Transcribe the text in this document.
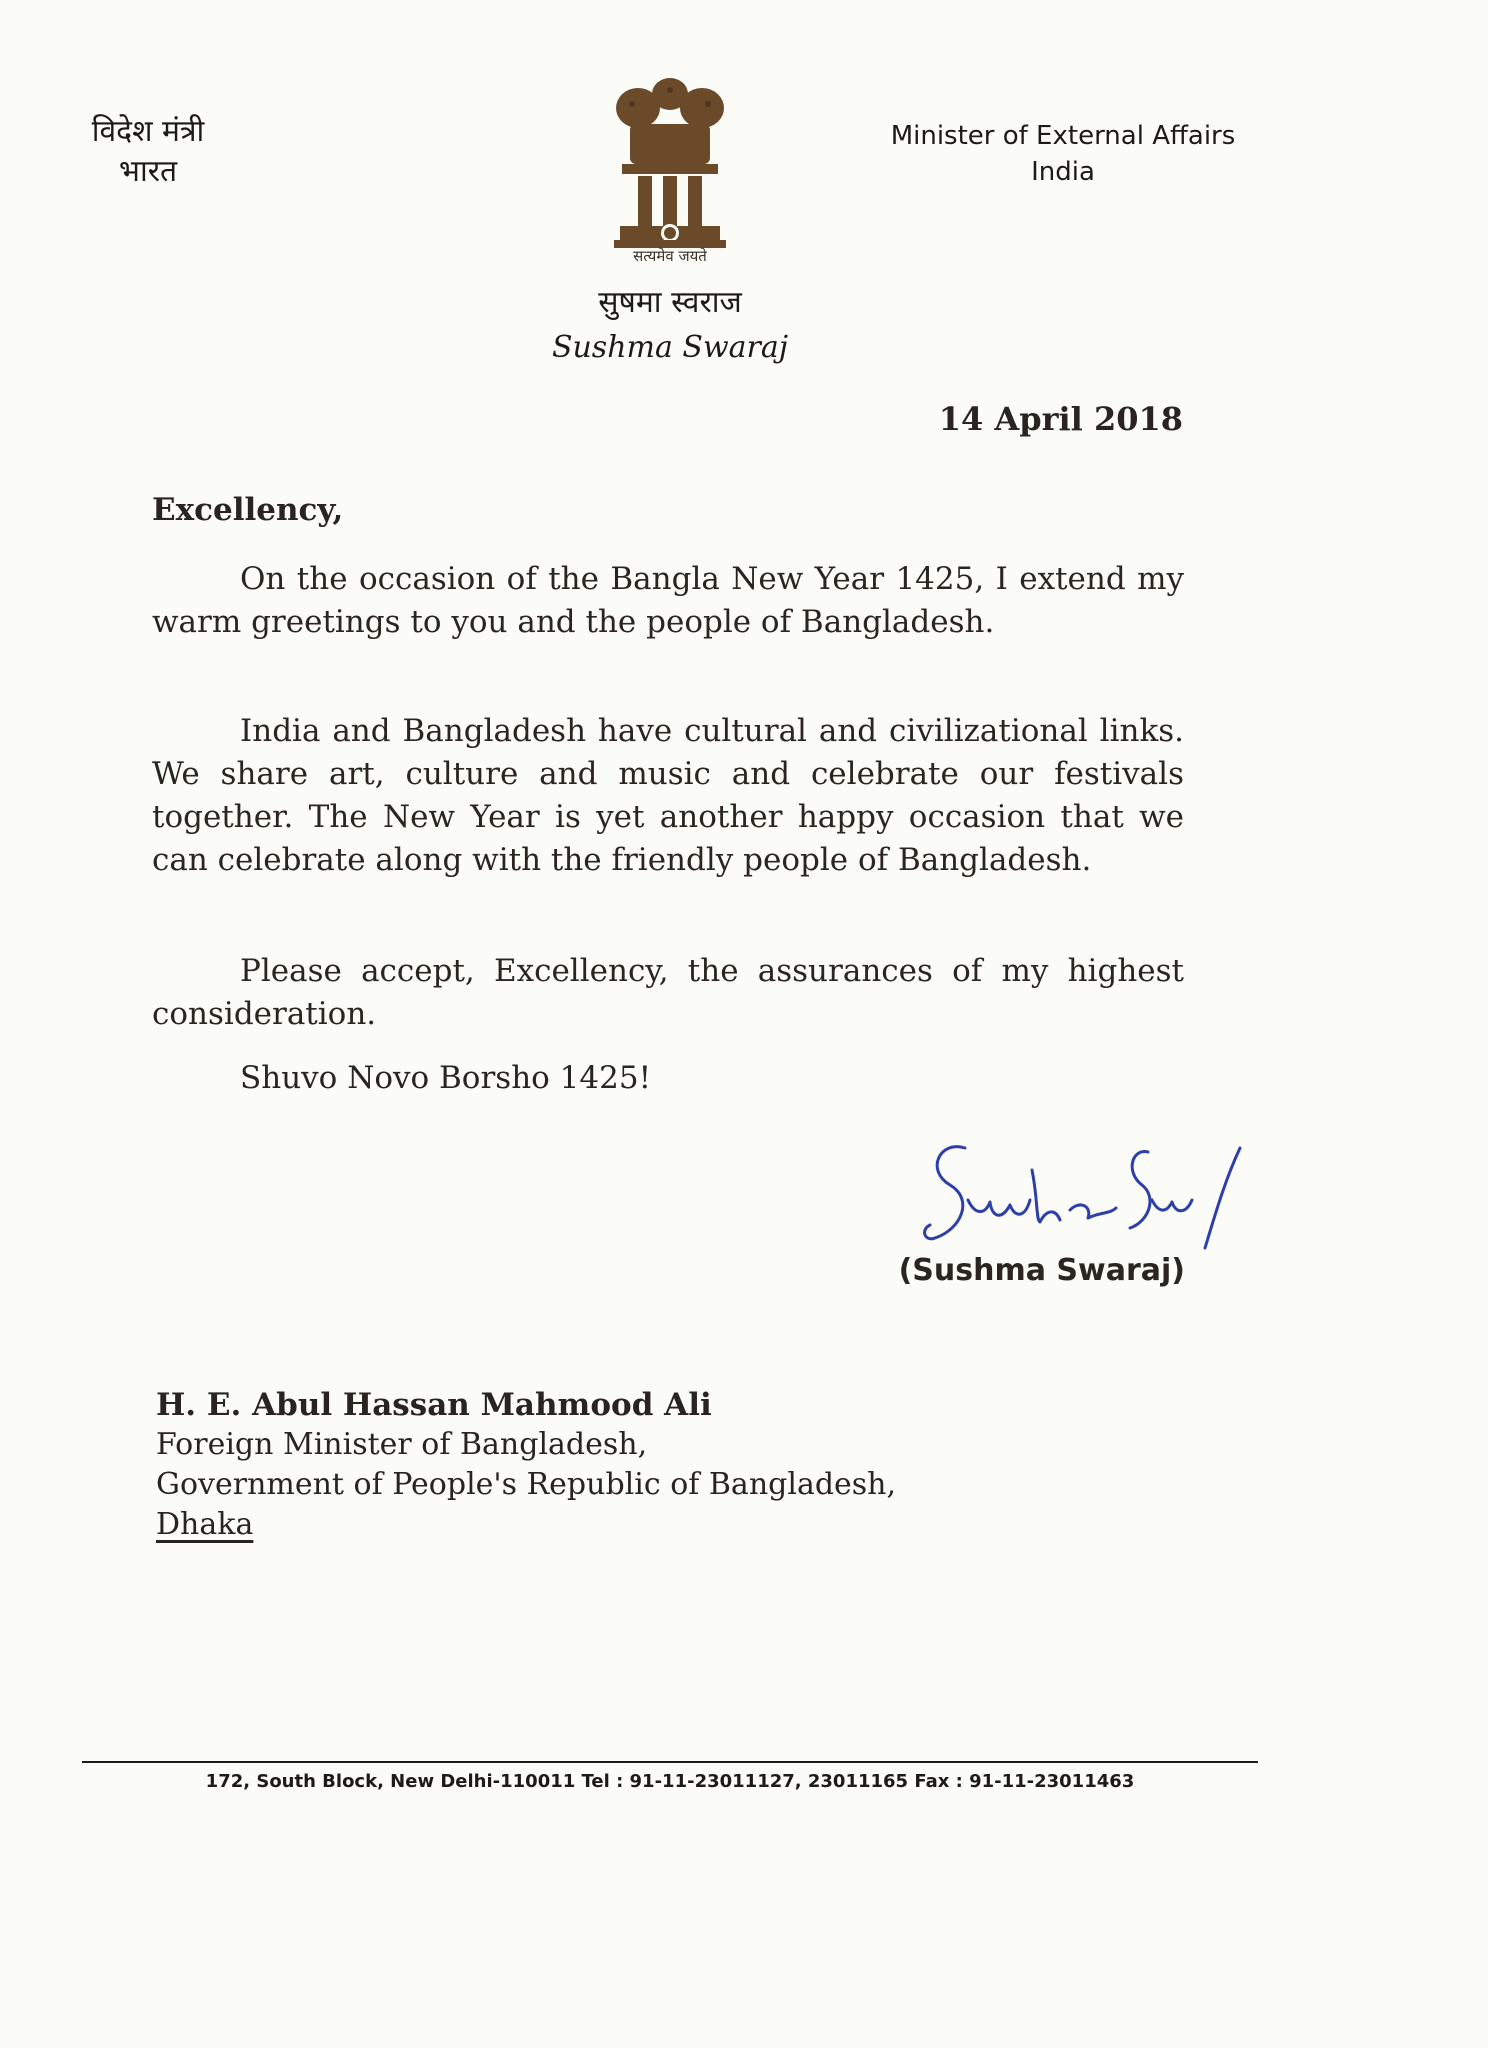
विदेश मंत्री
भारत
सत्यमेव जयते
सुषमा स्वराज
Sushma Swaraj
Minister of External Affairs
India
14 April 2018
Excellency,
On the occasion of the Bangla New Year 1425, I extend my warm greetings to you and the people of Bangladesh.
India and Bangladesh have cultural and civilizational links. We share art, culture and music and celebrate our festivals together. The New Year is yet another happy occasion that we can celebrate along with the friendly people of Bangladesh.
Please accept, Excellency, the assurances of my highest consideration.
Shuvo Novo Borsho 1425!
(Sushma Swaraj)
H. E. Abul Hassan Mahmood Ali
Foreign Minister of Bangladesh,
Government of People's Republic of Bangladesh,
Dhaka
172, South Block, New Delhi-110011 Tel : 91-11-23011127, 23011165 Fax : 91-11-23011463
